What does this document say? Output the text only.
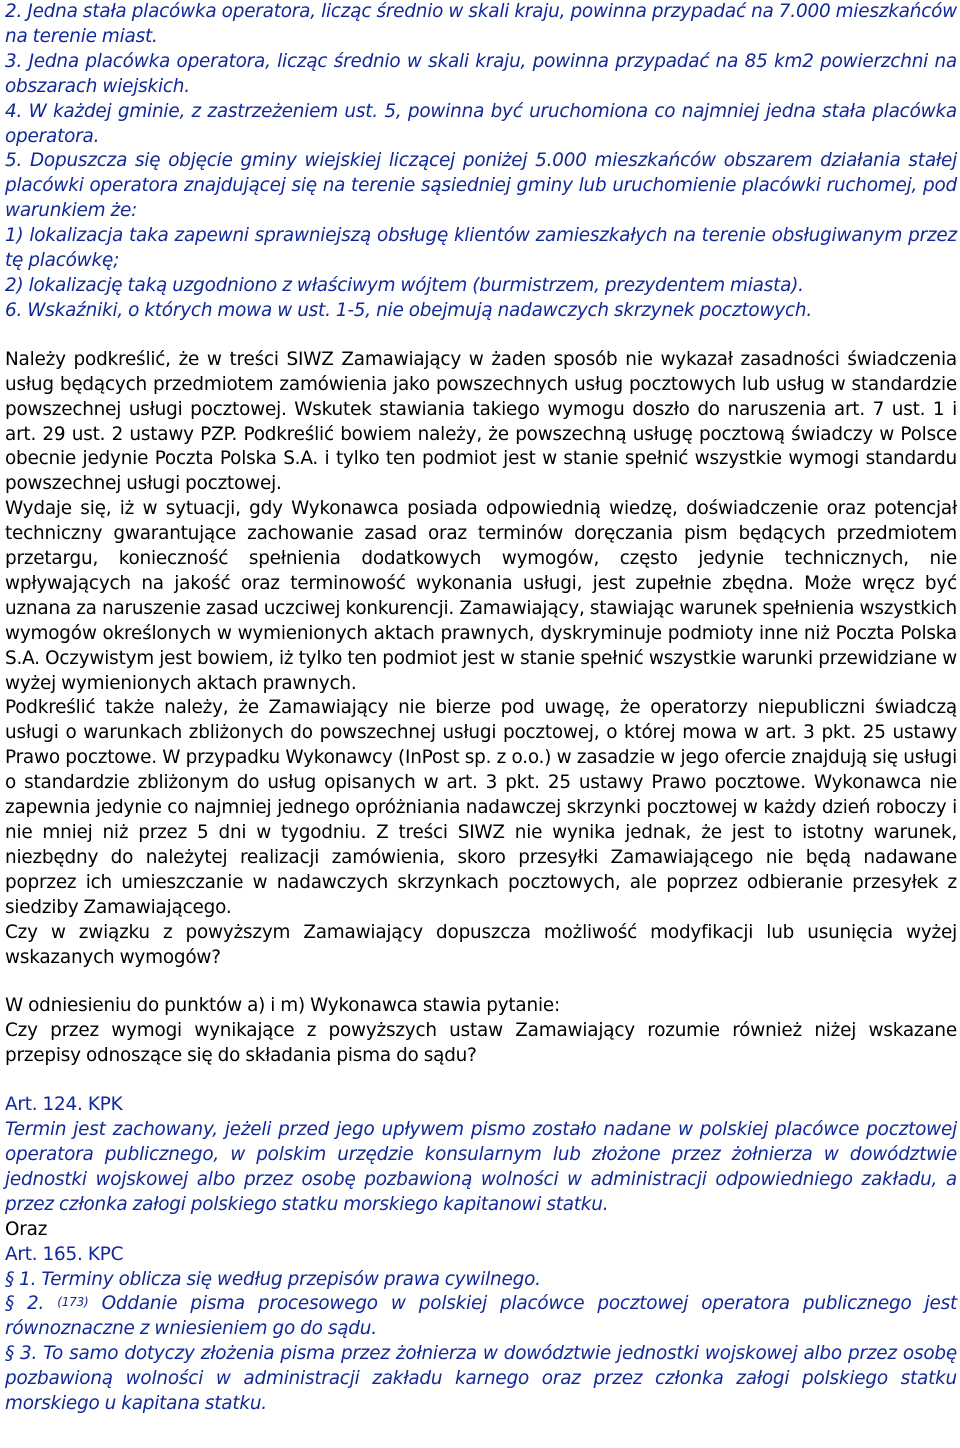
2. Jedna stała placówka operatora, licząc średnio w skali kraju, powinna przypadać na 7.000 mieszkańców na terenie miast.

3. Jedna placówka operatora, licząc średnio w skali kraju, powinna przypadać na 85 km2 powierzchni na obszarach wiejskich.

4. W każdej gminie, z zastrzeżeniem ust. 5, powinna być uruchomiona co najmniej jedna stała placówka operatora.

5. Dopuszcza się objęcie gminy wiejskiej liczącej poniżej 5.000 mieszkańców obszarem działania stałej placówki operatora znajdującej się na terenie sąsiedniej gminy lub uruchomienie placówki ruchomej, pod warunkiem że:

1) lokalizacja taka zapewni sprawniejszą obsługę klientów zamieszkałych na terenie obsługiwanym przez tę placówkę;

2) lokalizację taką uzgodniono z właściwym wójtem (burmistrzem, prezydentem miasta).

6. Wskaźniki, o których mowa w ust. 1-5, nie obejmują nadawczych skrzynek pocztowych.

Należy podkreślić, że w treści SIWZ Zamawiający w żaden sposób nie wykazał zasadności świadczenia usług będących przedmiotem zamówienia jako powszechnych usług pocztowych lub usług w standardzie powszechnej usługi pocztowej. Wskutek stawiania takiego wymogu doszło do naruszenia art. 7 ust. 1 i art. 29 ust. 2 ustawy PZP. Podkreślić bowiem należy, że powszechną usługę pocztową świadczy w Polsce obecnie jedynie Poczta Polska S.A. i tylko ten podmiot jest w stanie spełnić wszystkie wymogi standardu powszechnej usługi pocztowej.

Wydaje się, iż w sytuacji, gdy Wykonawca posiada odpowiednią wiedzę, doświadczenie oraz potencjał techniczny gwarantujące zachowanie zasad oraz terminów doręczania pism będących przedmiotem przetargu, konieczność spełnienia dodatkowych wymogów, często jedynie technicznych, nie wpływających na jakość oraz terminowość wykonania usługi, jest zupełnie zbędna. Może wręcz być uznana za naruszenie zasad uczciwej konkurencji. Zamawiający, stawiając warunek spełnienia wszystkich wymogów określonych w wymienionych aktach prawnych, dyskryminuje podmioty inne niż Poczta Polska S.A. Oczywistym jest bowiem, iż tylko ten podmiot jest w stanie spełnić wszystkie warunki przewidziane w wyżej wymienionych aktach prawnych.

Podkreślić także należy, że Zamawiający nie bierze pod uwagę, że operatorzy niepubliczni świadczą usługi o warunkach zbliżonych do powszechnej usługi pocztowej, o której mowa w art. 3 pkt. 25 ustawy Prawo pocztowe. W przypadku Wykonawcy (InPost sp. z o.o.) w zasadzie w jego ofercie znajdują się usługi o standardzie zbliżonym do usług opisanych w art. 3 pkt. 25 ustawy Prawo pocztowe. Wykonawca nie zapewnia jedynie co najmniej jednego opróżniania nadawczej skrzynki pocztowej w każdy dzień roboczy i nie mniej niż przez 5 dni w tygodniu. Z treści SIWZ nie wynika jednak, że jest to istotny warunek, niezbędny do należytej realizacji zamówienia, skoro przesyłki Zamawiającego nie będą nadawane poprzez ich umieszczanie w nadawczych skrzynkach pocztowych, ale poprzez odbieranie przesyłek z siedziby Zamawiającego.

Czy w związku z powyższym Zamawiający dopuszcza możliwość modyfikacji lub usunięcia wyżej wskazanych wymogów?

W odniesieniu do punktów a) i m) Wykonawca stawia pytanie:

Czy przez wymogi wynikające z powyższych ustaw Zamawiający rozumie również niżej wskazane przepisy odnoszące się do składania pisma do sądu?

Art. 124. KPK

Termin jest zachowany, jeżeli przed jego upływem pismo zostało nadane w polskiej placówce pocztowej operatora publicznego, w polskim urzędzie konsularnym lub złożone przez żołnierza w dowództwie jednostki wojskowej albo przez osobę pozbawioną wolności w administracji odpowiedniego zakładu, a przez członka załogi polskiego statku morskiego kapitanowi statku.

Oraz

Art. 165. KPC

§ 1. Terminy oblicza się według przepisów prawa cywilnego.

§ 2. $^{(173)}$ Oddanie pisma procesowego w polskiej placówce pocztowej operatora publicznego jest równoznaczne z wniesieniem go do sądu.

§ 3. To samo dotyczy złożenia pisma przez żołnierza w dowództwie jednostki wojskowej albo przez osobę pozbawioną wolności w administracji zakładu karnego oraz przez członka załogi polskiego statku morskiego u kapitana statku.
